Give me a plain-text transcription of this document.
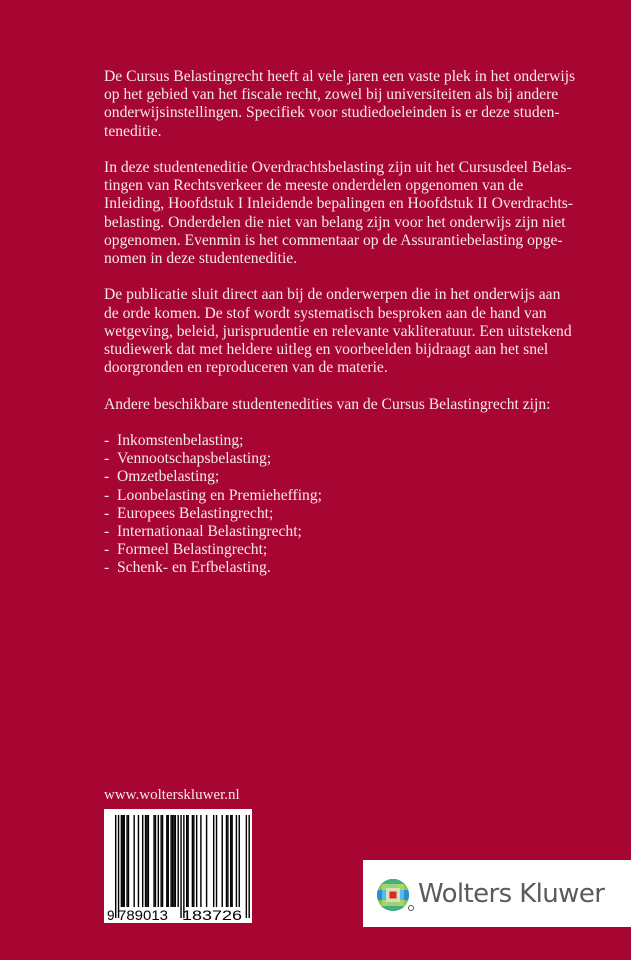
De Cursus Belastingrecht heeft al vele jaren een vaste plek in het onderwijs
op het gebied van het fiscale recht, zowel bij universiteiten als bij andere
onderwijsinstellingen. Specifiek voor studiedoeleinden is er deze studen-
teneditie.

In deze studenteneditie Overdrachtsbelasting zijn uit het Cursusdeel Belas-
tingen van Rechtsverkeer de meeste onderdelen opgenomen van de
Inleiding, Hoofdstuk I Inleidende bepalingen en Hoofdstuk II Overdrachts-
belasting. Onderdelen die niet van belang zijn voor het onderwijs zijn niet
opgenomen. Evenmin is het commentaar op de Assurantiebelasting opge-
nomen in deze studenteneditie.

De publicatie sluit direct aan bij de onderwerpen die in het onderwijs aan
de orde komen. De stof wordt systematisch besproken aan de hand van
wetgeving, beleid, jurisprudentie en relevante vakliteratuur. Een uitstekend
studiewerk dat met heldere uitleg en voorbeelden bijdraagt aan het snel
doorgronden en reproduceren van de materie.

Andere beschikbare studentenedities van de Cursus Belastingrecht zijn:

- Inkomstenbelasting;
- Vennootschapsbelasting;
- Omzetbelasting;
- Loonbelasting en Premieheffing;
- Europees Belastingrecht;
- Internationaal Belastingrecht;
- Formeel Belastingrecht;
- Schenk- en Erfbelasting.
www.wolterskluwer.nl
9 789013 183726
Wolters Kluwer
